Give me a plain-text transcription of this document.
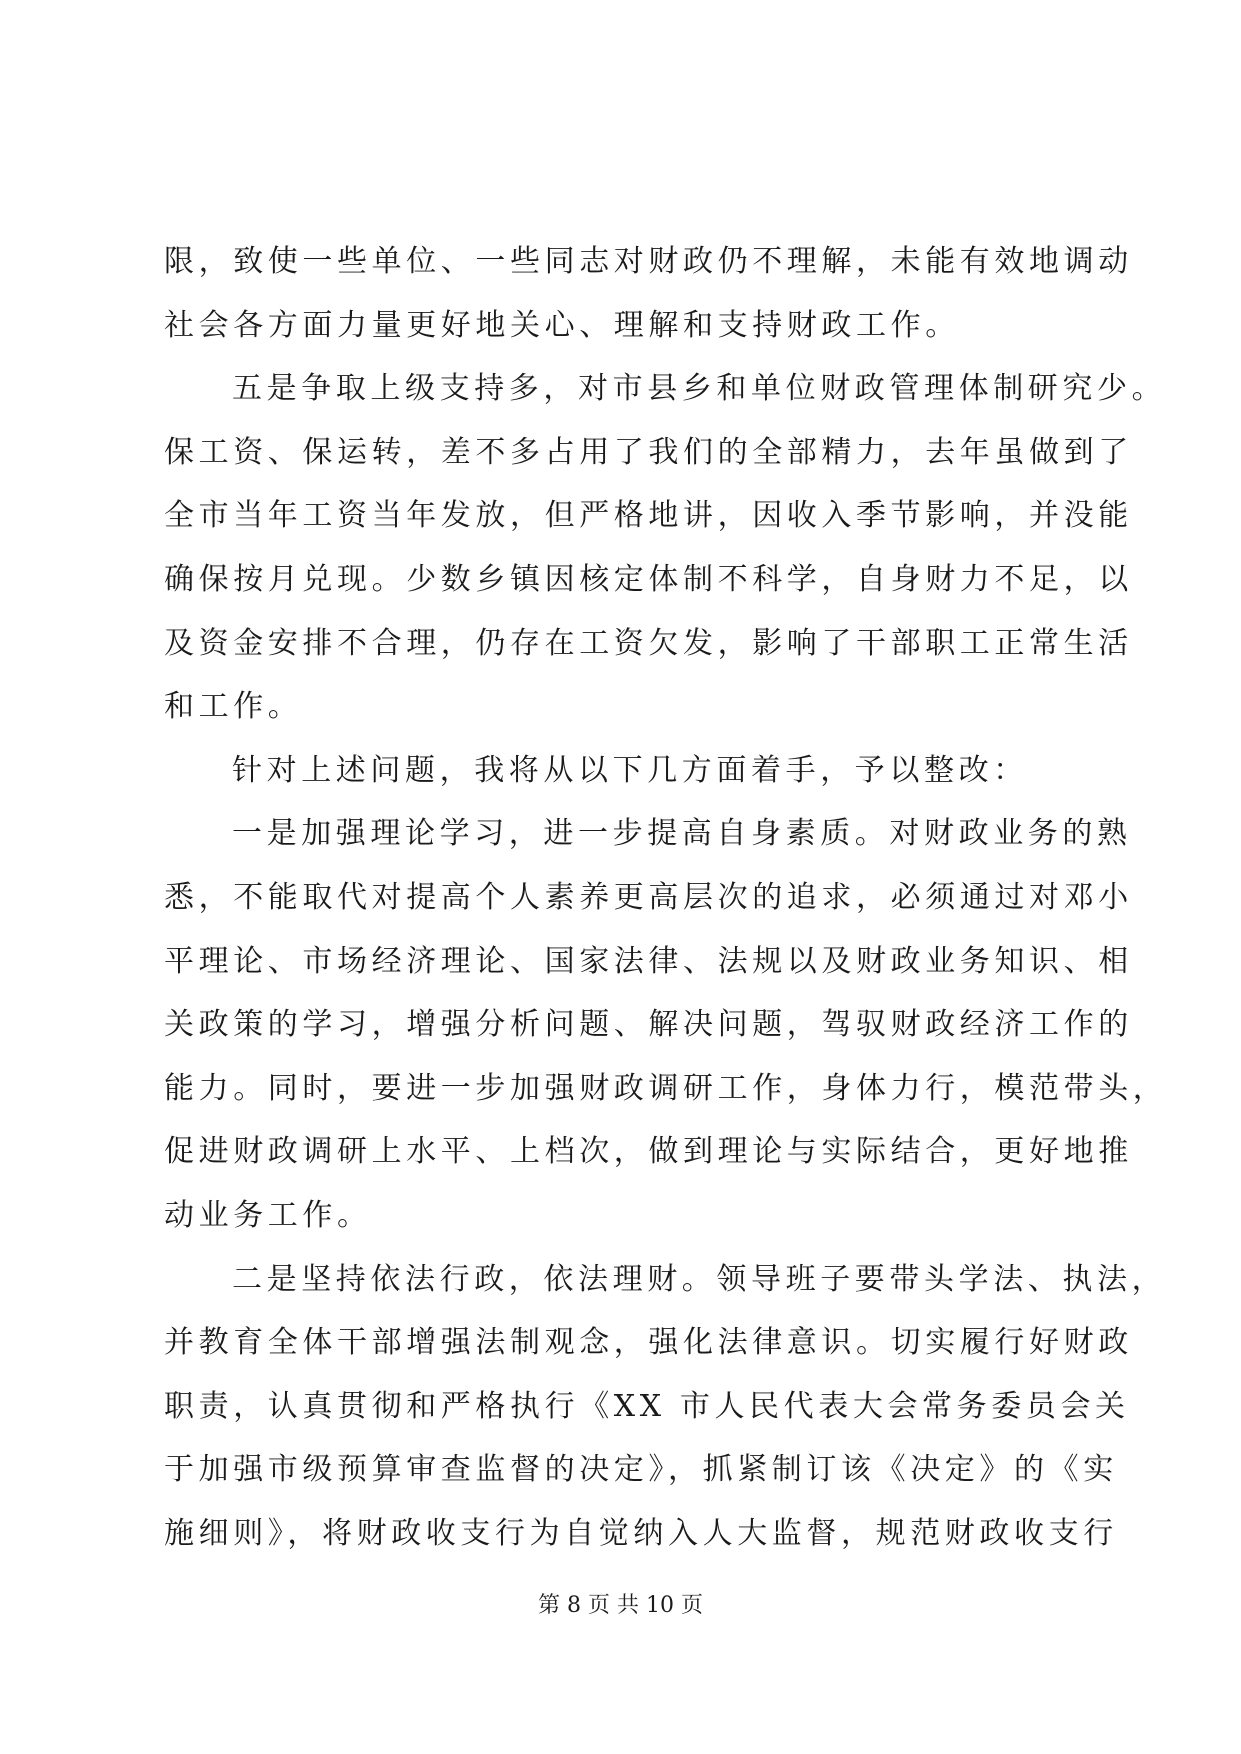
限，致使一些单位、一些同志对财政仍不理解，未能有效地调动
社会各方面力量更好地关心、理解和支持财政工作。
五是争取上级支持多，对市县乡和单位财政管理体制研究少。
保工资、保运转，差不多占用了我们的全部精力，去年虽做到了
全市当年工资当年发放，但严格地讲，因收入季节影响，并没能
确保按月兑现。少数乡镇因核定体制不科学，自身财力不足，以
及资金安排不合理，仍存在工资欠发，影响了干部职工正常生活
和工作。
针对上述问题，我将从以下几方面着手，予以整改：
一是加强理论学习，进一步提高自身素质。对财政业务的熟
悉，不能取代对提高个人素养更高层次的追求，必须通过对邓小
平理论、市场经济理论、国家法律、法规以及财政业务知识、相
关政策的学习，增强分析问题、解决问题，驾驭财政经济工作的
能力。同时，要进一步加强财政调研工作，身体力行，模范带头，
促进财政调研上水平、上档次，做到理论与实际结合，更好地推
动业务工作。
二是坚持依法行政，依法理财。领导班子要带头学法、执法，
并教育全体干部增强法制观念，强化法律意识。切实履行好财政
职责，认真贯彻和严格执行《XX 市人民代表大会常务委员会关
于加强市级预算审查监督的决定》，抓紧制订该《决定》的《实
施细则》，将财政收支行为自觉纳入人大监督，规范财政收支行
第 8 页 共 10 页
